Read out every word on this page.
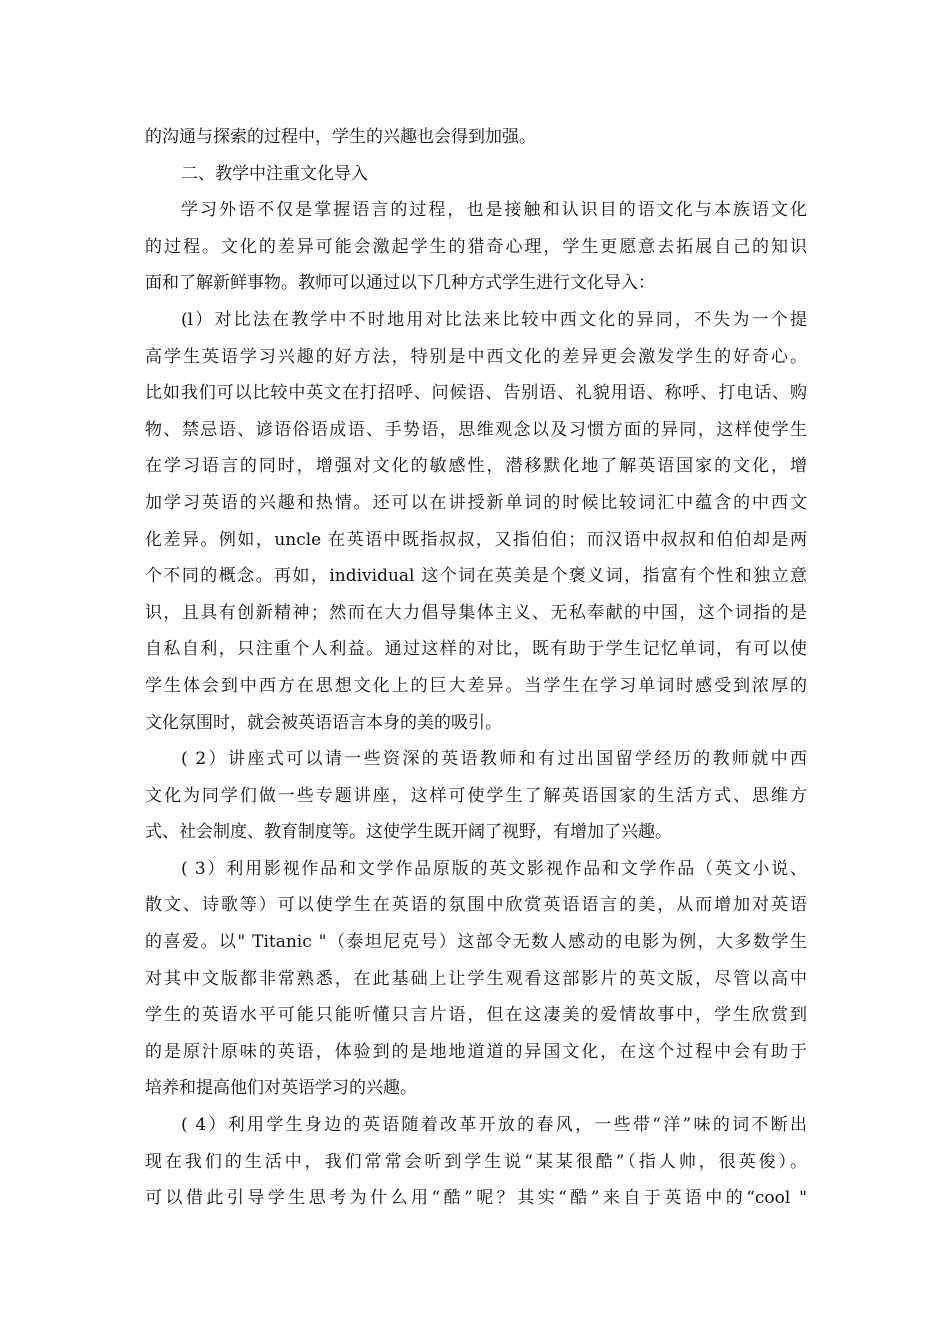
的沟通与探索的过程中，学生的兴趣也会得到加强。
二、教学中注重文化导入
学习外语不仅是掌握语言的过程，也是接触和认识目的语文化与本族语文化
的过程。文化的差异可能会激起学生的猎奇心理，学生更愿意去拓展自己的知识
面和了解新鲜事物。教师可以通过以下几种方式学生进行文化导入：
(l）对比法在教学中不时地用对比法来比较中西文化的异同，不失为一个提
高学生英语学习兴趣的好方法，特别是中西文化的差异更会激发学生的好奇心。
比如我们可以比较中英文在打招呼、问候语、告别语、礼貌用语、称呼、打电话、购
物、禁忌语、谚语俗语成语、手势语，思维观念以及习惯方面的异同，这样使学生
在学习语言的同时，增强对文化的敏感性，潜移默化地了解英语国家的文化，增
加学习英语的兴趣和热情。还可以在讲授新单词的时候比较词汇中蕴含的中西文
化差异。例如，uncle 在英语中既指叔叔，又指伯伯；而汉语中叔叔和伯伯却是两
个不同的概念。再如，individual 这个词在英美是个褒义词，指富有个性和独立意
识，且具有创新精神；然而在大力倡导集体主义、无私奉献的中国，这个词指的是
自私自利，只注重个人利益。通过这样的对比，既有助于学生记忆单词，有可以使
学生体会到中西方在思想文化上的巨大差异。当学生在学习单词时感受到浓厚的
文化氛围时，就会被英语语言本身的美的吸引。
( 2）讲座式可以请一些资深的英语教师和有过出国留学经历的教师就中西
文化为同学们做一些专题讲座，这样可使学生了解英语国家的生活方式、思维方
式、社会制度、教育制度等。这使学生既开阔了视野，有增加了兴趣。
( 3）利用影视作品和文学作品原版的英文影视作品和文学作品（英文小说、
散文、诗歌等）可以使学生在英语的氛围中欣赏英语语言的美，从而增加对英语
的喜爱。以" Titanic "（泰坦尼克号）这部令无数人感动的电影为例，大多数学生
对其中文版都非常熟悉，在此基础上让学生观看这部影片的英文版，尽管以高中
学生的英语水平可能只能听懂只言片语，但在这凄美的爱情故事中，学生欣赏到
的是原汁原味的英语，体验到的是地地道道的异国文化，在这个过程中会有助于
培养和提高他们对英语学习的兴趣。
( 4）利用学生身边的英语随着改革开放的春风，一些带“洋”味的词不断出
现在我们的生活中，我们常常会听到学生说“某某很酷”（指人帅，很英俊）。
可以借此引导学生思考为什么用“酷”呢？其实“酷”来自于英语中的“cool "
